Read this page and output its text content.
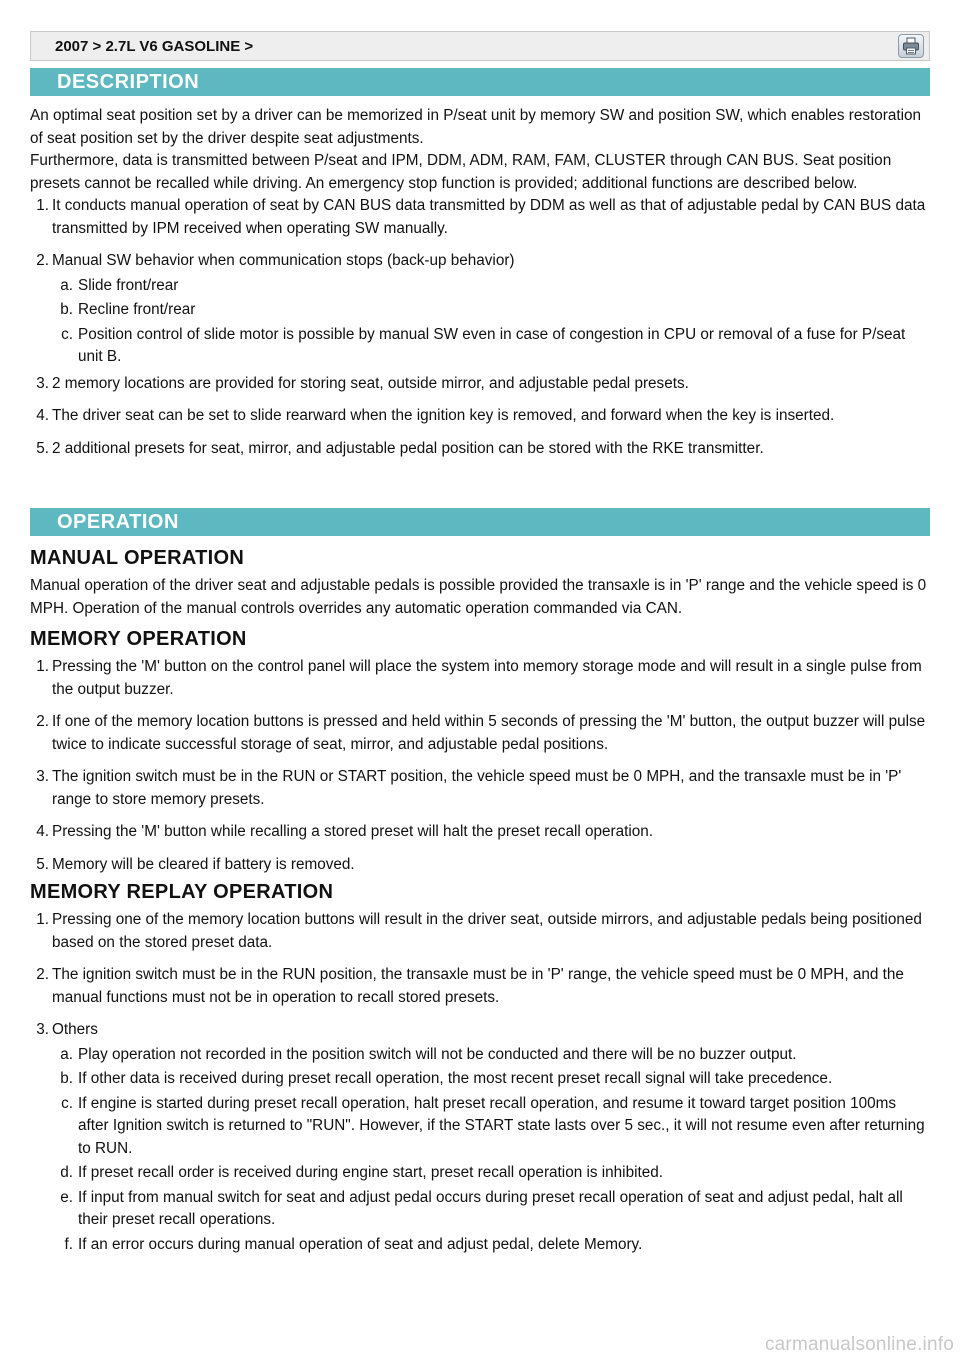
2007 > 2.7L V6 GASOLINE >
DESCRIPTION

An optimal seat position set by a driver can be memorized in P/seat unit by memory SW and position SW, which enables restoration of seat position set by the driver despite seat adjustments.

Furthermore, data is transmitted between P/seat and IPM, DDM, ADM, RAM, FAM, CLUSTER through CAN BUS. Seat position presets cannot be recalled while driving. An emergency stop function is provided; additional functions are described below.

1. It conducts manual operation of seat by CAN BUS data transmitted by DDM as well as that of adjustable pedal by CAN BUS data transmitted by IPM received when operating SW manually.
2. Manual SW behavior when communication stops (back-up behavior)
a. Slide front/rear
b. Recline front/rear
c. Position control of slide motor is possible by manual SW even in case of congestion in CPU or removal of a fuse for P/seat unit B.
3. 2 memory locations are provided for storing seat, outside mirror, and adjustable pedal presets.
4. The driver seat can be set to slide rearward when the ignition key is removed, and forward when the key is inserted.
5. 2 additional presets for seat, mirror, and adjustable pedal position can be stored with the RKE transmitter.
OPERATION
MANUAL OPERATION

Manual operation of the driver seat and adjustable pedals is possible provided the transaxle is in 'P' range and the vehicle speed is 0 MPH. Operation of the manual controls overrides any automatic operation commanded via CAN.

MEMORY OPERATION
1. Pressing the 'M' button on the control panel will place the system into memory storage mode and will result in a single pulse from the output buzzer.
2. If one of the memory location buttons is pressed and held within 5 seconds of pressing the 'M' button, the output buzzer will pulse twice to indicate successful storage of seat, mirror, and adjustable pedal positions.
3. The ignition switch must be in the RUN or START position, the vehicle speed must be 0 MPH, and the transaxle must be in 'P' range to store memory presets.
4. Pressing the 'M' button while recalling a stored preset will halt the preset recall operation.
5. Memory will be cleared if battery is removed.
MEMORY REPLAY OPERATION
1. Pressing one of the memory location buttons will result in the driver seat, outside mirrors, and adjustable pedals being positioned based on the stored preset data.
2. The ignition switch must be in the RUN position, the transaxle must be in 'P' range, the vehicle speed must be 0 MPH, and the manual functions must not be in operation to recall stored presets.
3. Others
a. Play operation not recorded in the position switch will not be conducted and there will be no buzzer output.
b. If other data is received during preset recall operation, the most recent preset recall signal will take precedence.
c. If engine is started during preset recall operation, halt preset recall operation, and resume it toward target position 100ms after Ignition switch is returned to "RUN". However, if the START state lasts over 5 sec., it will not resume even after returning to RUN.
d. If preset recall order is received during engine start, preset recall operation is inhibited.
e. If input from manual switch for seat and adjust pedal occurs during preset recall operation of seat and adjust pedal, halt all their preset recall operations.
f. If an error occurs during manual operation of seat and adjust pedal, delete Memory.
carmanualsonline.info
